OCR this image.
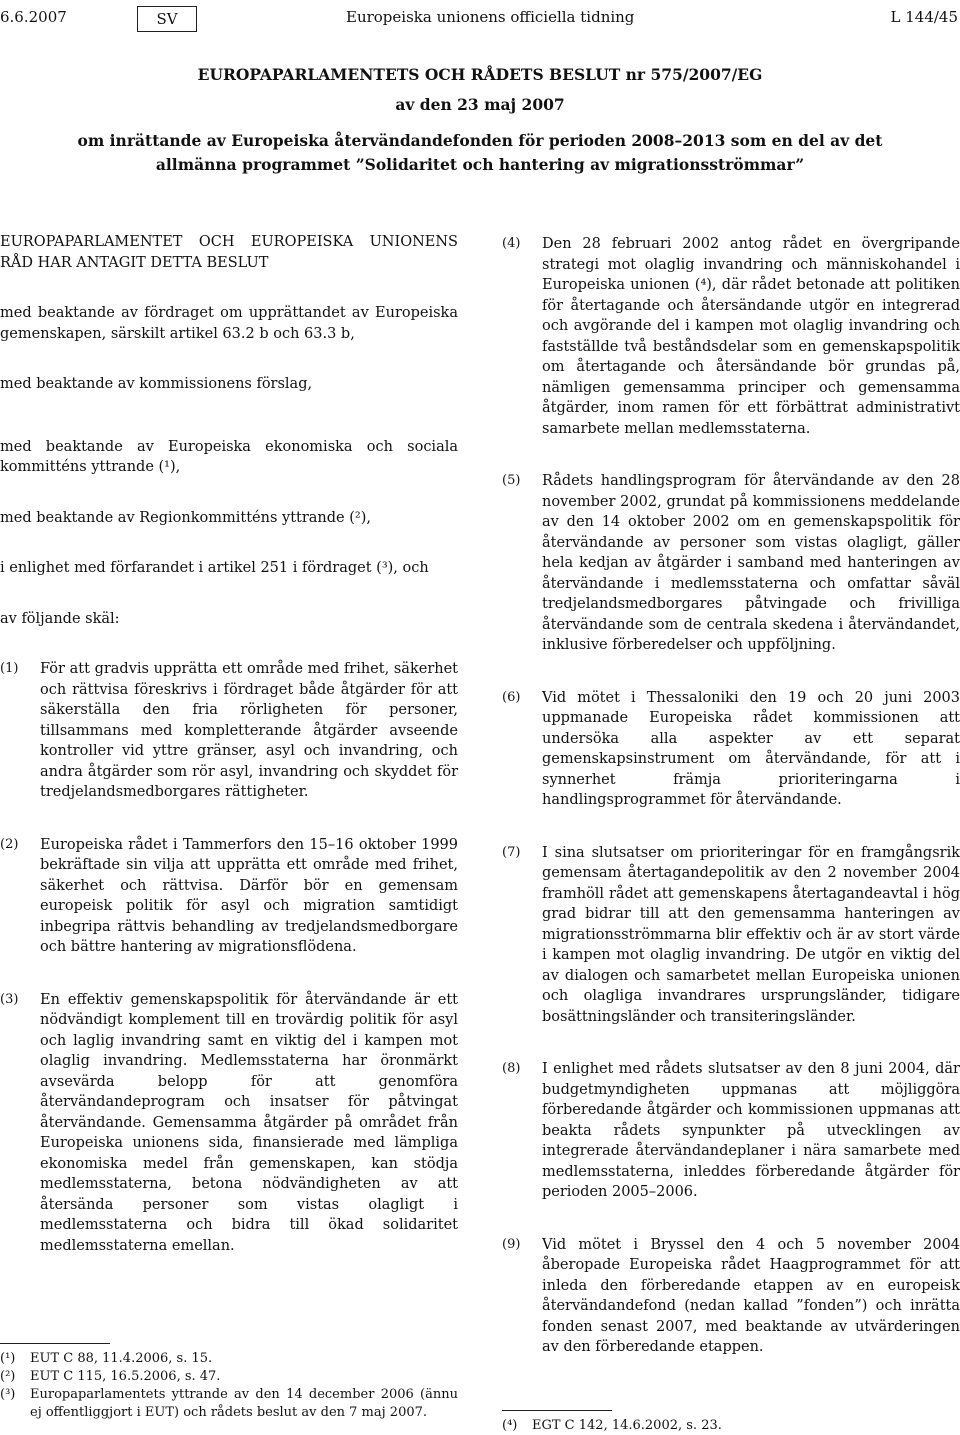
6.6.2007	SV	Europeiska unionens officiella tidning	L 144/45
EUROPAPARLAMENTETS OCH RÅDETS BESLUT nr 575/2007/EG
av den 23 maj 2007
om inrättande av Europeiska återvändandefonden för perioden 2008–2013 som en del av det
allmänna programmet ”Solidaritet och hantering av migrationsströmmar”

EUROPAPARLAMENTET OCH EUROPEISKA UNIONENS RÅD HAR ANTAGIT DETTA BESLUT

med beaktande av fördraget om upprättandet av Europeiska gemenskapen, särskilt artikel 63.2 b och 63.3 b,

med beaktande av kommissionens förslag,

med beaktande av Europeiska ekonomiska och sociala kommitténs yttrande (¹),

med beaktande av Regionkommitténs yttrande (²),

i enlighet med förfarandet i artikel 251 i fördraget (³), och

av följande skäl:

(1)	För att gradvis upprätta ett område med frihet, säkerhet och rättvisa föreskrivs i fördraget både åtgärder för att säkerställa den fria rörligheten för personer, tillsammans med kompletterande åtgärder avseende kontroller vid yttre gränser, asyl och invandring, och andra åtgärder som rör asyl, invandring och skyddet för tredjelandsmedborgares rättigheter.
(2)	Europeiska rådet i Tammerfors den 15–16 oktober 1999 bekräftade sin vilja att upprätta ett område med frihet, säkerhet och rättvisa. Därför bör en gemensam europeisk politik för asyl och migration samtidigt inbegripa rättvis behandling av tredjelandsmedborgare och bättre hantering av migrationsflödena.
(3)	En effektiv gemenskapspolitik för återvändande är ett nödvändigt komplement till en trovärdig politik för asyl och laglig invandring samt en viktig del i kampen mot olaglig invandring. Medlemsstaterna har öronmärkt avsevärda belopp för att genomföra återvändandeprogram och insatser för påtvingat återvändande. Gemensamma åtgärder på området från Europeiska unionens sida, finansierade med lämpliga ekonomiska medel från gemenskapen, kan stödja medlemsstaterna, betona nödvändigheten av att återsända personer som vistas olagligt i medlemsstaterna och bidra till ökad solidaritet medlemsstaterna emellan.
(¹)	EUT C 88, 11.4.2006, s. 15.
(²)	EUT C 115, 16.5.2006, s. 47.
(³)	Europaparlamentets yttrande av den 14 december 2006 (ännu ej offentliggjort i EUT) och rådets beslut av den 7 maj 2007.
(4)	Den 28 februari 2002 antog rådet en övergripande strategi mot olaglig invandring och människohandel i Europeiska unionen (⁴), där rådet betonade att politiken för återtagande och återsändande utgör en integrerad och avgörande del i kampen mot olaglig invandring och fastställde två beståndsdelar som en gemenskapspolitik om återtagande och återsändande bör grundas på, nämligen gemensamma principer och gemensamma åtgärder, inom ramen för ett förbättrat administrativt samarbete mellan medlemsstaterna.
(5)	Rådets handlingsprogram för återvändande av den 28 november 2002, grundat på kommissionens meddelande av den 14 oktober 2002 om en gemenskapspolitik för återvändande av personer som vistas olagligt, gäller hela kedjan av åtgärder i samband med hanteringen av återvändande i medlemsstaterna och omfattar såväl tredjelandsmedborgares påtvingade och frivilliga återvändande som de centrala skedena i återvändandet, inklusive förberedelser och uppföljning.
(6)	Vid mötet i Thessaloniki den 19 och 20 juni 2003 uppmanade Europeiska rådet kommissionen att undersöka alla aspekter av ett separat gemenskapsinstrument om återvändande, för att i synnerhet främja prioriteringarna i handlingsprogrammet för återvändande.
(7)	I sina slutsatser om prioriteringar för en framgångsrik gemensam återtagandepolitik av den 2 november 2004 framhöll rådet att gemenskapens återtagandeavtal i hög grad bidrar till att den gemensamma hanteringen av migrationsströmmarna blir effektiv och är av stort värde i kampen mot olaglig invandring. De utgör en viktig del av dialogen och samarbetet mellan Europeiska unionen och olagliga invandrares ursprungsländer, tidigare bosättningsländer och transiteringsländer.
(8)	I enlighet med rådets slutsatser av den 8 juni 2004, där budgetmyndigheten uppmanas att möjliggöra förberedande åtgärder och kommissionen uppmanas att beakta rådets synpunkter på utvecklingen av integrerade återvändandeplaner i nära samarbete med medlemsstaterna, inleddes förberedande åtgärder för perioden 2005–2006.
(9)	Vid mötet i Bryssel den 4 och 5 november 2004 åberopade Europeiska rådet Haagprogrammet för att inleda den förberedande etappen av en europeisk återvändandefond (nedan kallad ”fonden”) och inrätta fonden senast 2007, med beaktande av utvärderingen av den förberedande etappen.
(⁴)	EGT C 142, 14.6.2002, s. 23.
